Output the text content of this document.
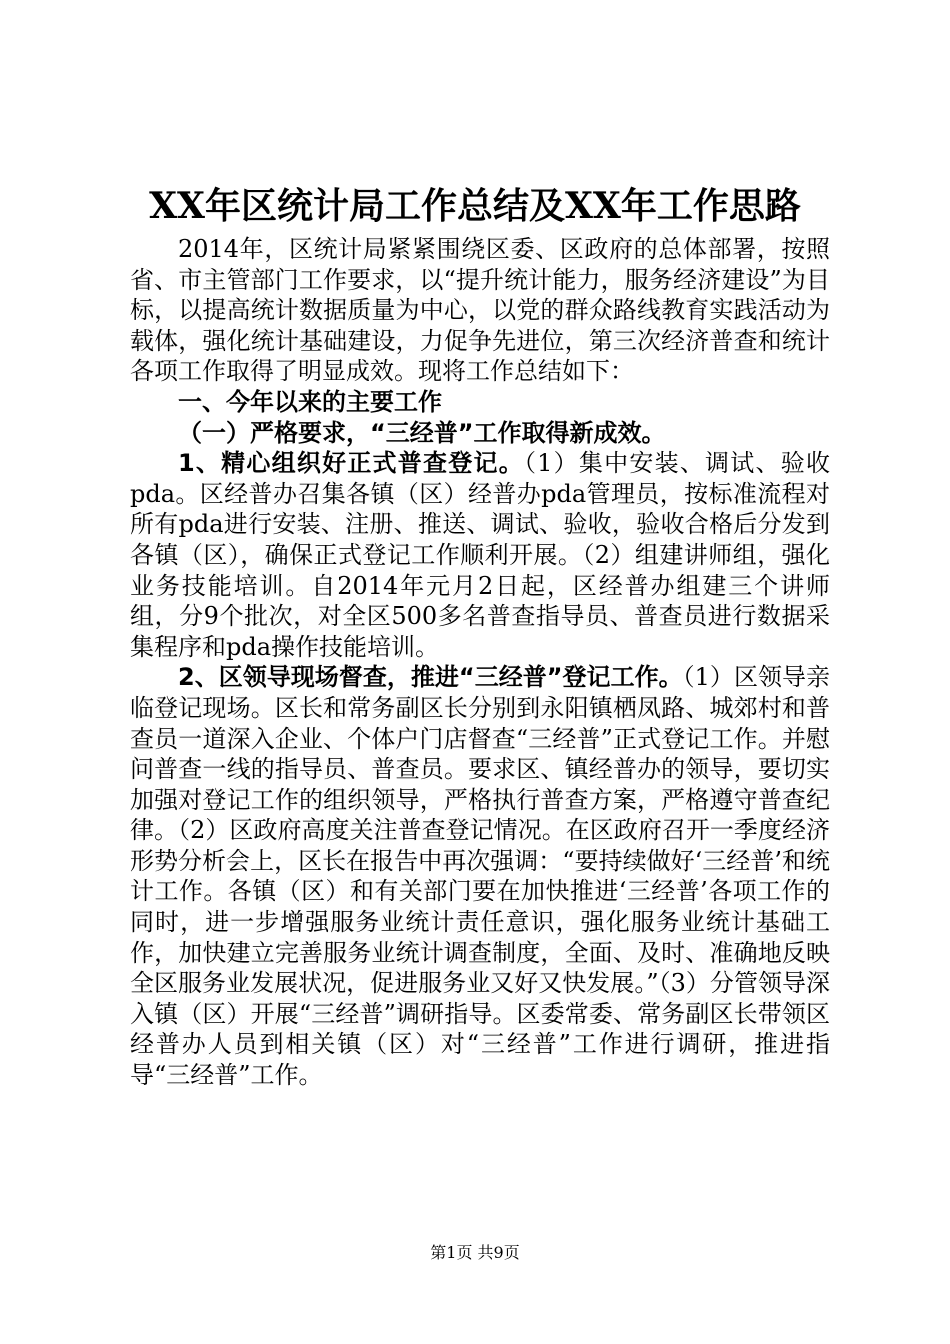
XX年区统计局工作总结及XX年工作思路

2014年，区统计局紧紧围绕区委、区政府的总体部署，按照省、市主管部门工作要求，以“提升统计能力，服务经济建设”为目标，以提高统计数据质量为中心，以党的群众路线教育实践活动为载体，强化统计基础建设，力促争先进位，第三次经济普查和统计各项工作取得了明显成效。现将工作总结如下：

一、今年以来的主要工作

（一）严格要求，“三经普”工作取得新成效。

1、精心组织好正式普查登记。（1）集中安装、调试、验收pda。区经普办召集各镇（区）经普办pda管理员，按标准流程对所有pda进行安装、注册、推送、调试、验收，验收合格后分发到各镇（区），确保正式登记工作顺利开展。（2）组建讲师组，强化业务技能培训。自2014年元月2日起，区经普办组建三个讲师组，分9个批次，对全区500多名普查指导员、普查员进行数据采集程序和pda操作技能培训。

2、区领导现场督查，推进“三经普”登记工作。（1）区领导亲临登记现场。区长和常务副区长分别到永阳镇栖凤路、城郊村和普查员一道深入企业、个体户门店督查“三经普”正式登记工作。并慰问普查一线的指导员、普查员。要求区、镇经普办的领导，要切实加强对登记工作的组织领导，严格执行普查方案，严格遵守普查纪律。（2）区政府高度关注普查登记情况。在区政府召开一季度经济形势分析会上，区长在报告中再次强调：“要持续做好‘三经普’和统计工作。各镇（区）和有关部门要在加快推进‘三经普’各项工作的同时，进一步增强服务业统计责任意识，强化服务业统计基础工作，加快建立完善服务业统计调查制度，全面、及时、准确地反映全区服务业发展状况，促进服务业又好又快发展。”（3）分管领导深入镇（区）开展“三经普”调研指导。区委常委、常务副区长带领区经普办人员到相关镇（区）对“三经普”工作进行调研，推进指导“三经普”工作。

第1页 共9页
